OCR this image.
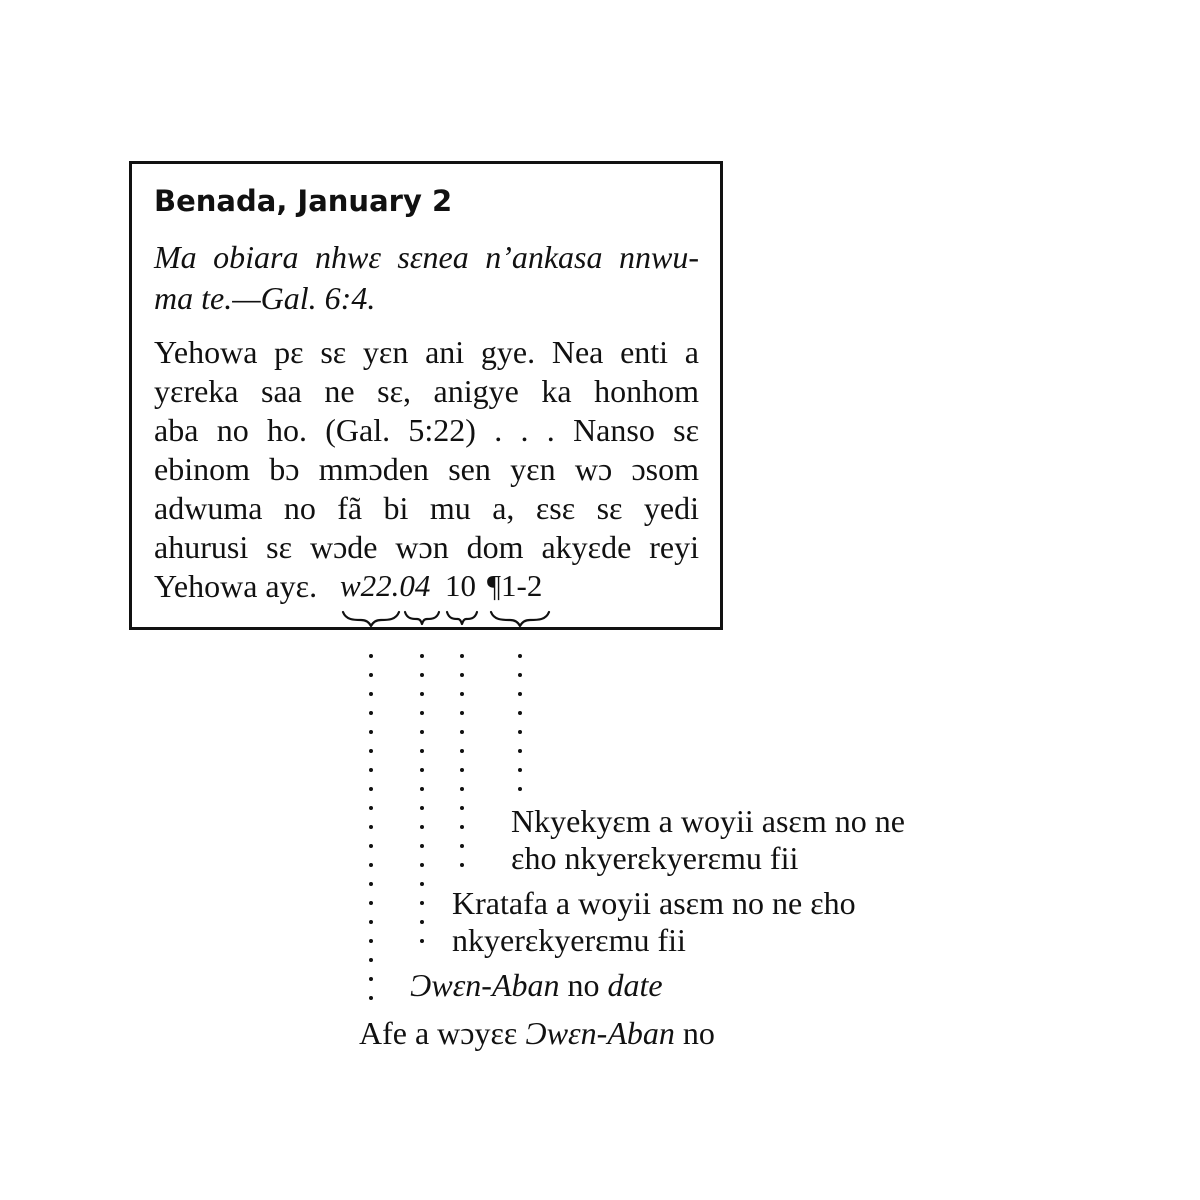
Benada, January 2
Ma obiara nhwɛ sɛnea n’ankasa nnwu-
ma te.—Gal. 6:4.
Yehowa pɛ sɛ yɛn ani gye. Nea enti a
yɛreka saa ne sɛ, anigye ka honhom
aba no ho. (Gal. 5:22) . . . Nanso sɛ
ebinom bɔ mmɔden sen yɛn wɔ ɔsom
adwuma no fã bi mu a, ɛsɛ sɛ yedi
ahurusi sɛ wɔde wɔn dom akyɛde reyi
Yehowa ayɛ. w22.04 10 ¶1-2
Nkyekyɛm a woyii asɛm no ne
ɛho nkyerɛkyerɛmu fii
Kratafa a woyii asɛm no ne ɛho
nkyerɛkyerɛmu fii
Ɔwɛn-Aban no date
Afe a wɔyɛɛ Ɔwɛn-Aban no
